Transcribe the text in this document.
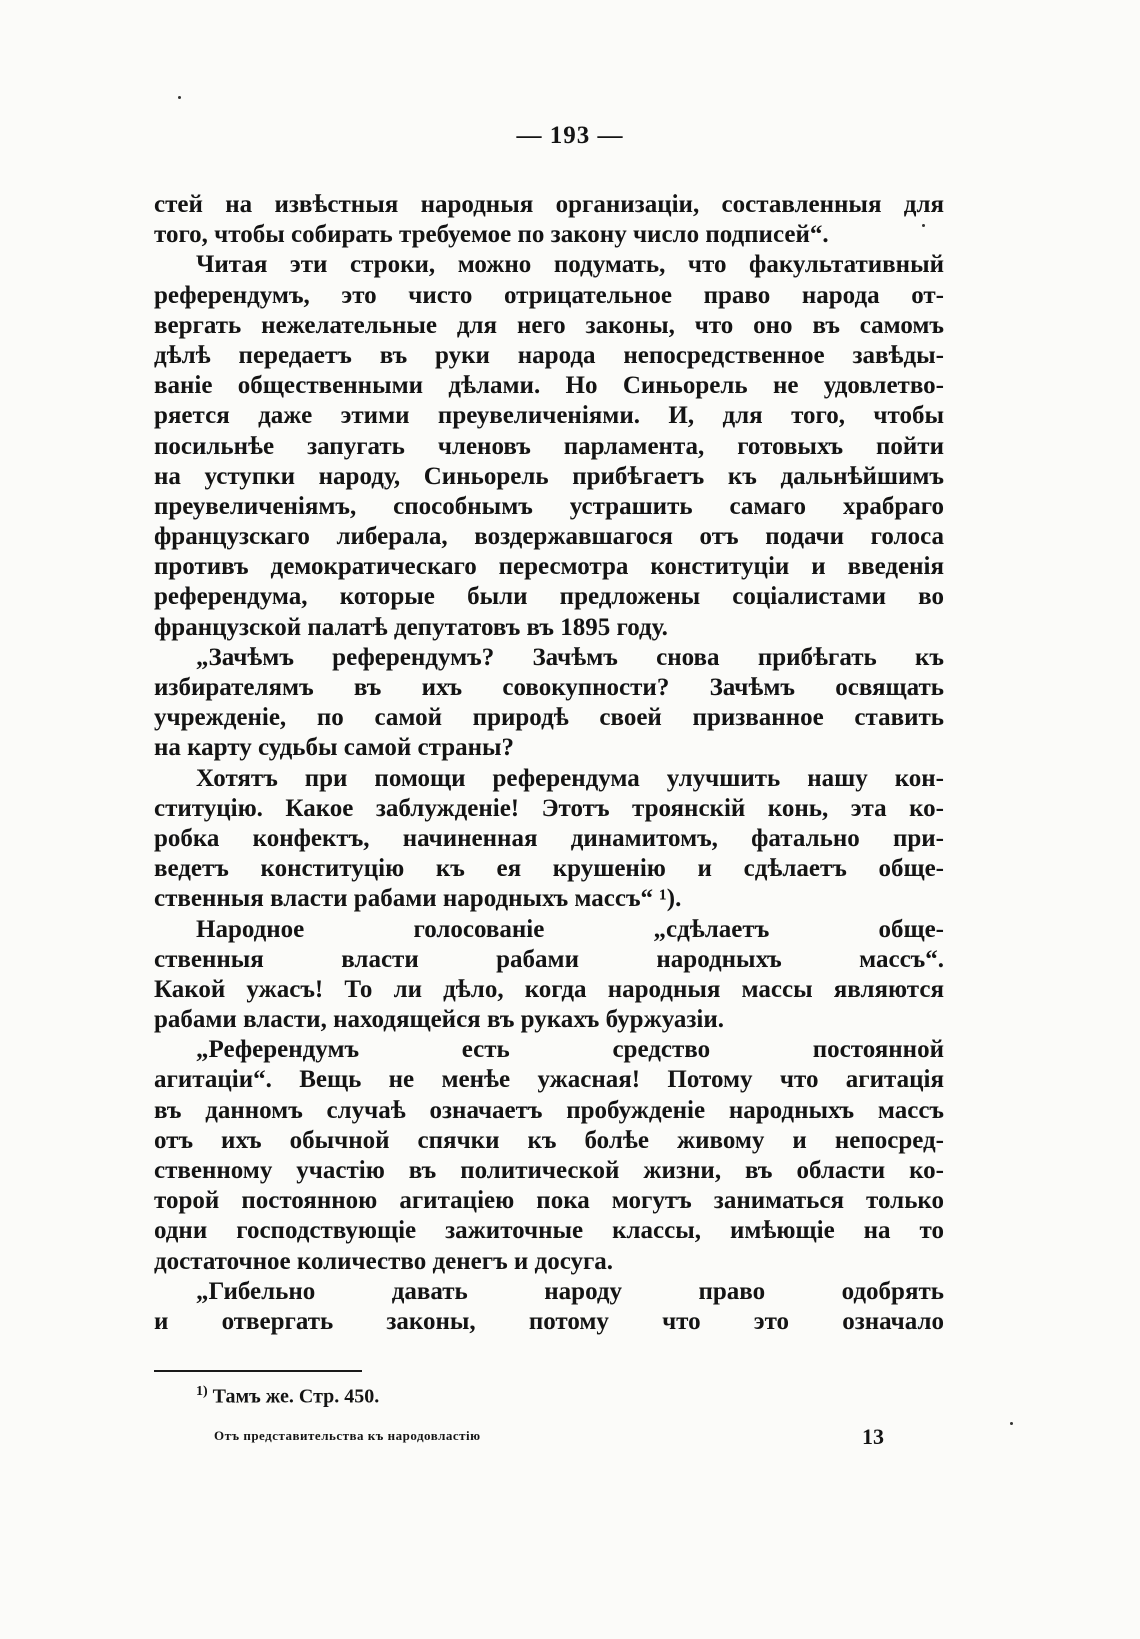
— 193 —
стей на извѣстныя народныя организаціи, составленныя для
того, чтобы собирать требуемое по закону число подписей“.
Читая эти строки, можно подумать, что факультативный
референдумъ, это чисто отрицательное право народа от-
вергать нежелательные для него законы, что оно въ самомъ
дѣлѣ передаетъ въ руки народа непосредственное завѣды-
ваніе общественными дѣлами. Но Синьорель не удовлетво-
ряется даже этими преувеличеніями. И, для того, чтобы
посильнѣе запугать членовъ парламента, готовыхъ пойти
на уступки народу, Синьорель прибѣгаетъ къ дальнѣйшимъ
преувеличеніямъ, способнымъ устрашить самаго храбраго
французскаго либерала, воздержавшагося отъ подачи голоса
противъ демократическаго пересмотра конституціи и введенія
референдума, которые были предложены соціалистами во
французской палатѣ депутатовъ въ 1895 году.
„Зачѣмъ референдумъ? Зачѣмъ снова прибѣгать къ
избирателямъ въ ихъ совокупности? Зачѣмъ освящать
учрежденіе, по самой природѣ своей призванное ставить
на карту судьбы самой страны?
Хотятъ при помощи референдума улучшить нашу кон-
ституцію. Какое заблужденіе! Этотъ троянскій конь, эта ко-
робка конфектъ, начиненная динамитомъ, фатально при-
ведетъ конституцію къ ея крушенію и сдѣлаетъ обще-
ственныя власти рабами народныхъ массъ“ ¹).
Народное голосованіе „сдѣлаетъ обще-
ственныя власти рабами народныхъ массъ“.
Какой ужасъ! То ли дѣло, когда народныя массы являются
рабами власти, находящейся въ рукахъ буржуазіи.
„Референдумъ есть средство постоянной
агитаціи“. Вещь не менѣе ужасная! Потому что агитація
въ данномъ случаѣ означаетъ пробужденіе народныхъ массъ
отъ ихъ обычной спячки къ болѣе живому и непосред-
ственному участію въ политической жизни, въ области ко-
торой постоянною агитаціею пока могутъ заниматься только
одни господствующіе зажиточные классы, имѣющіе на то
достаточное количество денегъ и досуга.
„Гибельно давать народу право одобрять
и отвергать законы, потому что это означало
$^{1)}$ Тамъ же. Стр. 450.
Отъ представительства къ народовластію	13
